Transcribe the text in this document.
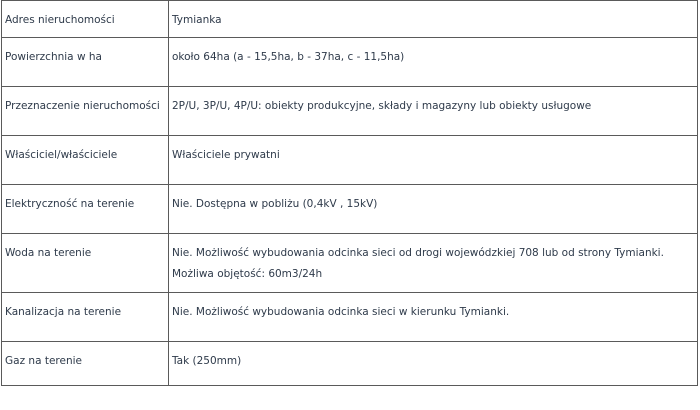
Adres nieruchomości	Tymianka

Powierzchnia w ha	około 64ha (a - 15,5ha, b - 37ha, c - 11,5ha)

Przeznaczenie nieruchomości	2P/U, 3P/U, 4P/U: obiekty produkcyjne, składy i magazyny lub obiekty usługowe

Właściciel/właściciele	Właściciele prywatni

Elektryczność na terenie	Nie. Dostępna w pobliżu (0,4kV , 15kV)

Woda na terenie	Nie. Możliwość wybudowania odcinka sieci od drogi wojewódzkiej 708 lub od strony Tymianki.
Możliwa objętość: 60m3/24h

Kanalizacja na terenie	Nie. Możliwość wybudowania odcinka sieci w kierunku Tymianki.

Gaz na terenie	Tak (250mm)
